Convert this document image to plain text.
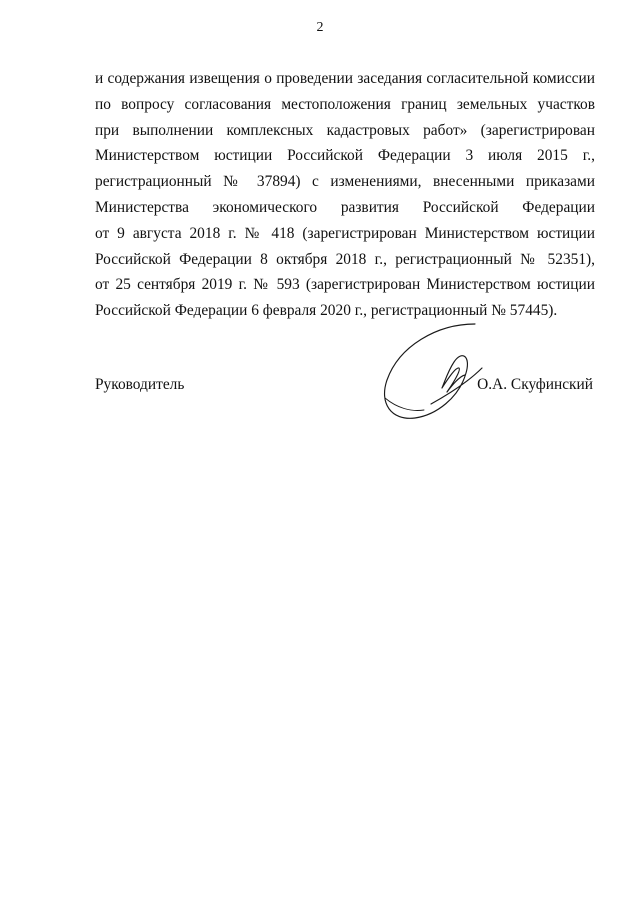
2

и содержания извещения о проведении заседания согласительной комиссии
по вопросу согласования местоположения границ земельных участков
при выполнении комплексных кадастровых работ» (зарегистрирован
Министерством юстиции Российской Федерации 3 июля 2015 г.,
регистрационный № 37894) с изменениями, внесенными приказами
Министерства экономического развития Российской Федерации
от 9 августа 2018 г. № 418 (зарегистрирован Министерством юстиции
Российской Федерации 8 октября 2018 г., регистрационный № 52351),
от 25 сентября 2019 г. № 593 (зарегистрирован Министерством юстиции
Российской Федерации 6 февраля 2020 г., регистрационный № 57445).

Руководитель	О.А. Скуфинский
